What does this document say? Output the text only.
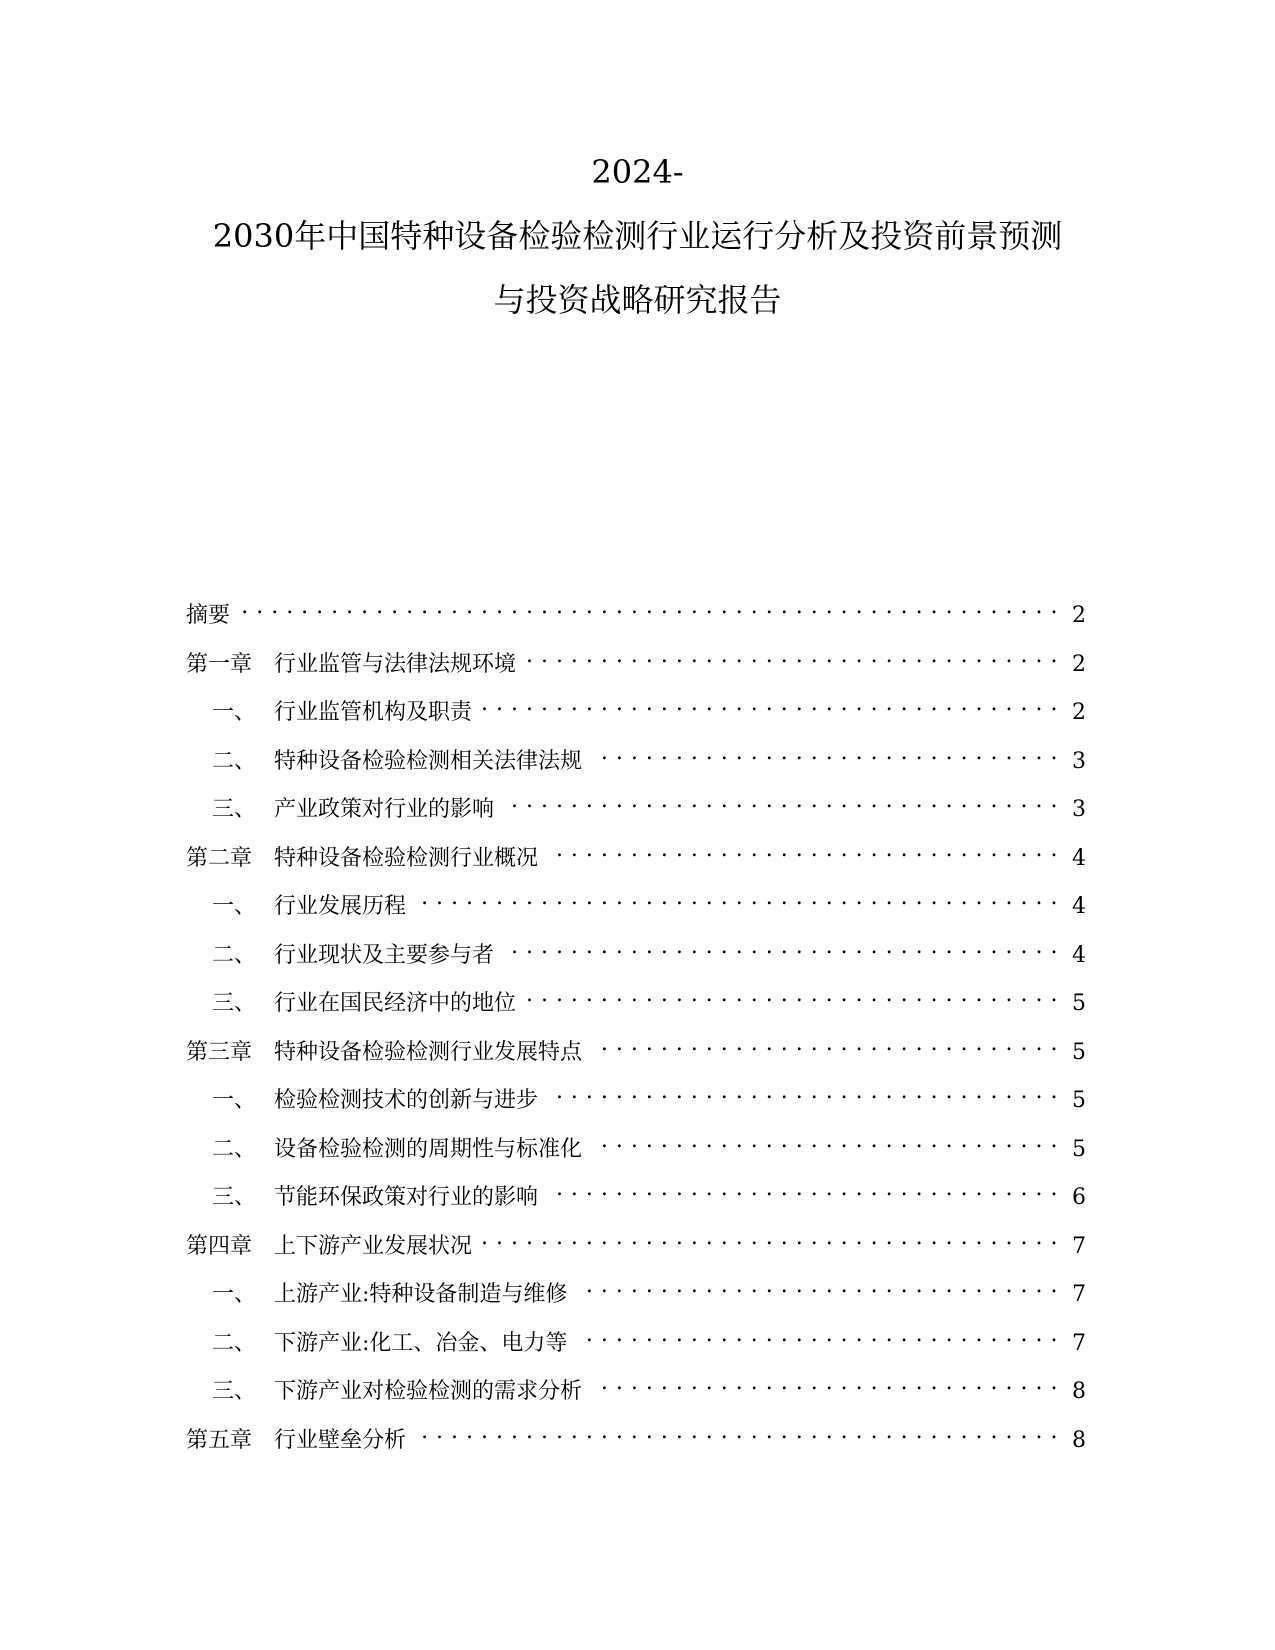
2024-
2030年中国特种设备检验检测行业运行分析及投资前景预测
与投资战略研究报告
摘要 . . .	2
第一章 行业监管与法律法规环境 . . .	2
一、 行业监管机构及职责 . . .	2
二、 特种设备检验检测相关法律法规 . . .	3
三、 产业政策对行业的影响 . . .	3
第二章 特种设备检验检测行业概况 . . .	4
一、 行业发展历程 . . .	4
二、 行业现状及主要参与者 . . .	4
三、 行业在国民经济中的地位 . . .	5
第三章 特种设备检验检测行业发展特点 . . .	5
一、 检验检测技术的创新与进步 . . .	5
二、 设备检验检测的周期性与标准化 . . .	5
三、 节能环保政策对行业的影响 . . .	6
第四章 上下游产业发展状况 . . .	7
一、 上游产业:特种设备制造与维修 . . .	7
二、 下游产业:化工、冶金、电力等 . . .	7
三、 下游产业对检验检测的需求分析 . . .	8
第五章 行业壁垒分析 . . .	8
